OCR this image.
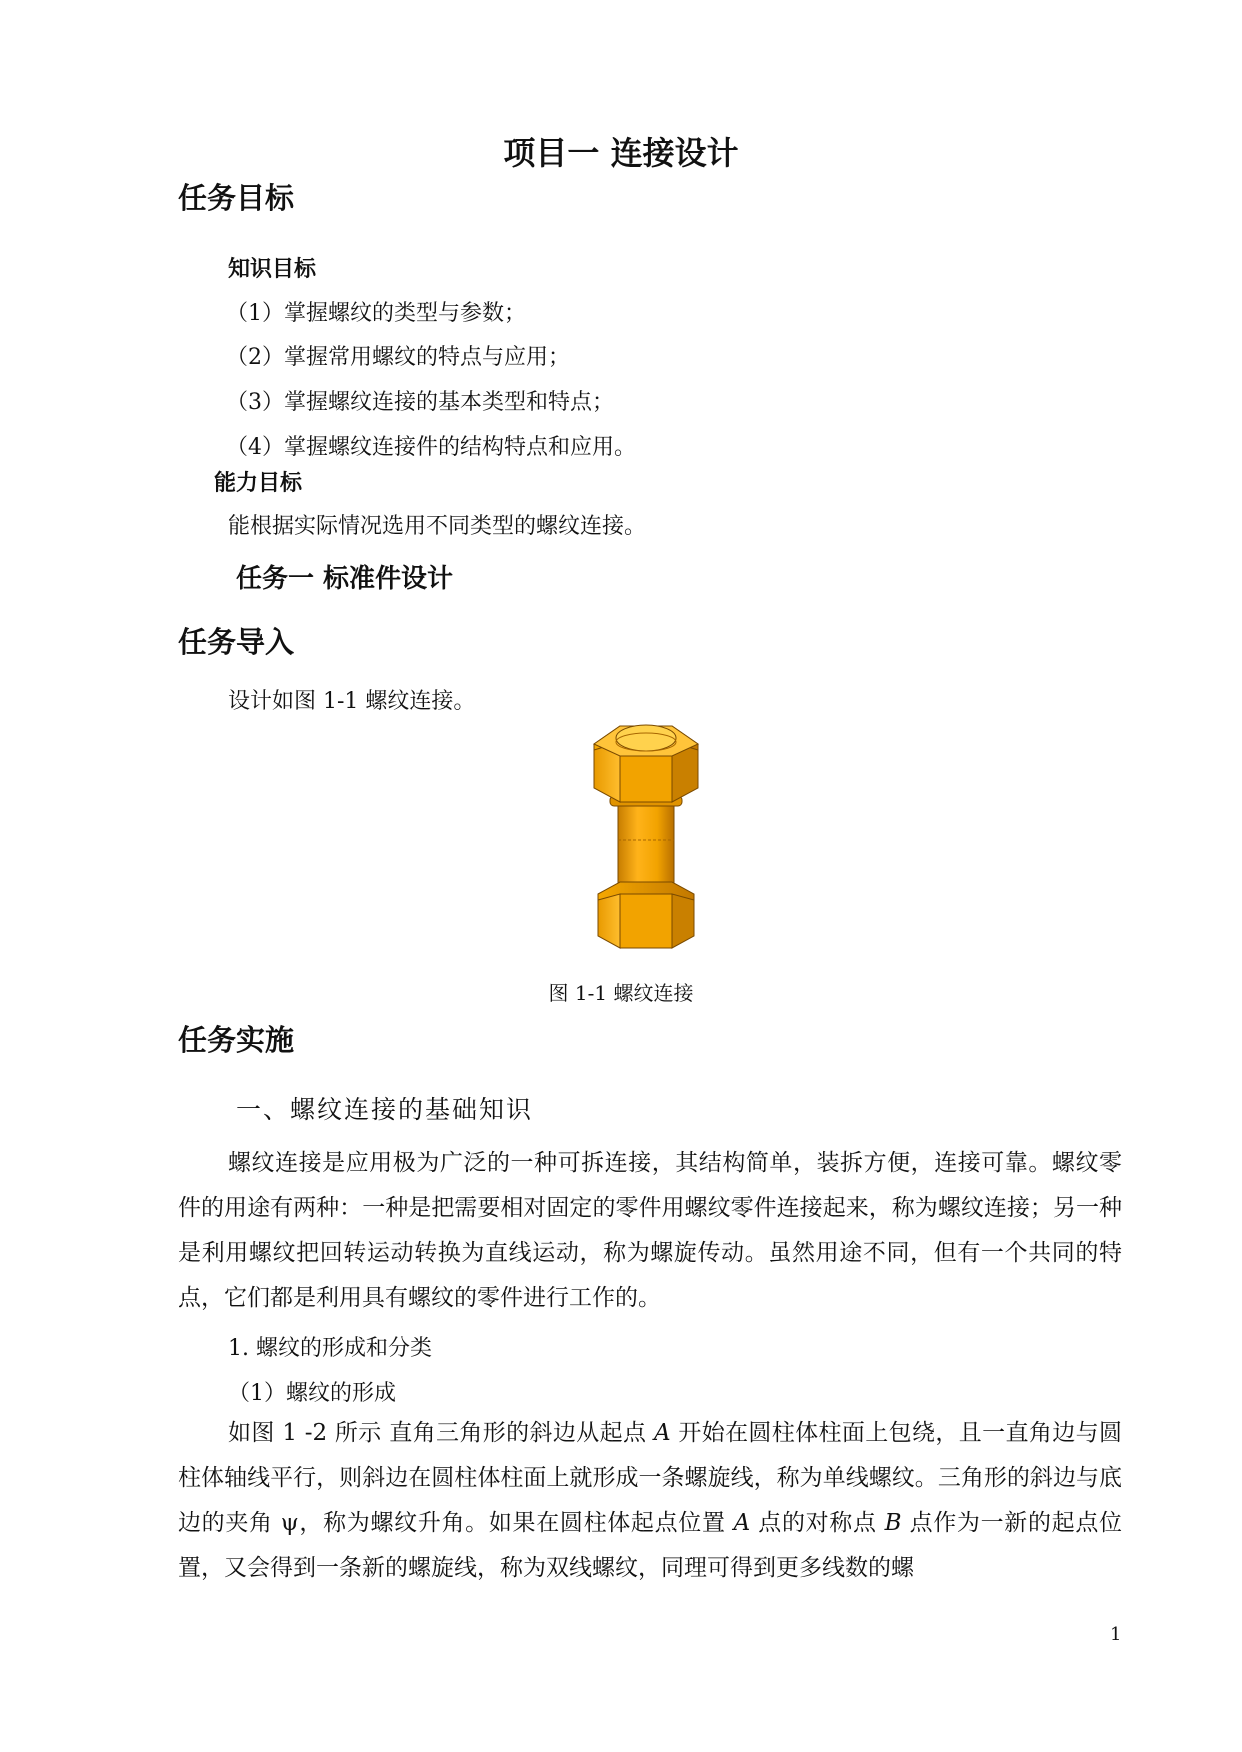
项目一 连接设计
任务目标
知识目标
（1）掌握螺纹的类型与参数；
（2）掌握常用螺纹的特点与应用；
（3）掌握螺纹连接的基本类型和特点；
（4）掌握螺纹连接件的结构特点和应用。
能力目标
能根据实际情况选用不同类型的螺纹连接。
任务一 标准件设计
任务导入
设计如图 1-1 螺纹连接。
图 1-1 螺纹连接
任务实施
一、螺纹连接的基础知识
螺纹连接是应用极为广泛的一种可拆连接，其结构简单，装拆方便，连接可靠。螺纹零件的用途有两种：一种是把需要相对固定的零件用螺纹零件连接起来，称为螺纹连接；另一种是利用螺纹把回转运动转换为直线运动，称为螺旋传动。虽然用途不同，但有一个共同的特点，它们都是利用具有螺纹的零件进行工作的。
1. 螺纹的形成和分类
（1）螺纹的形成
如图 1 -2 所示 直角三角形的斜边从起点 A 开始在圆柱体柱面上包绕，且一直角边与圆柱体轴线平行，则斜边在圆柱体柱面上就形成一条螺旋线，称为单线螺纹。三角形的斜边与底边的夹角 ψ，称为螺纹升角。如果在圆柱体起点位置 A 点的对称点 B 点作为一新的起点位置，又会得到一条新的螺旋线，称为双线螺纹，同理可得到更多线数的螺
1
